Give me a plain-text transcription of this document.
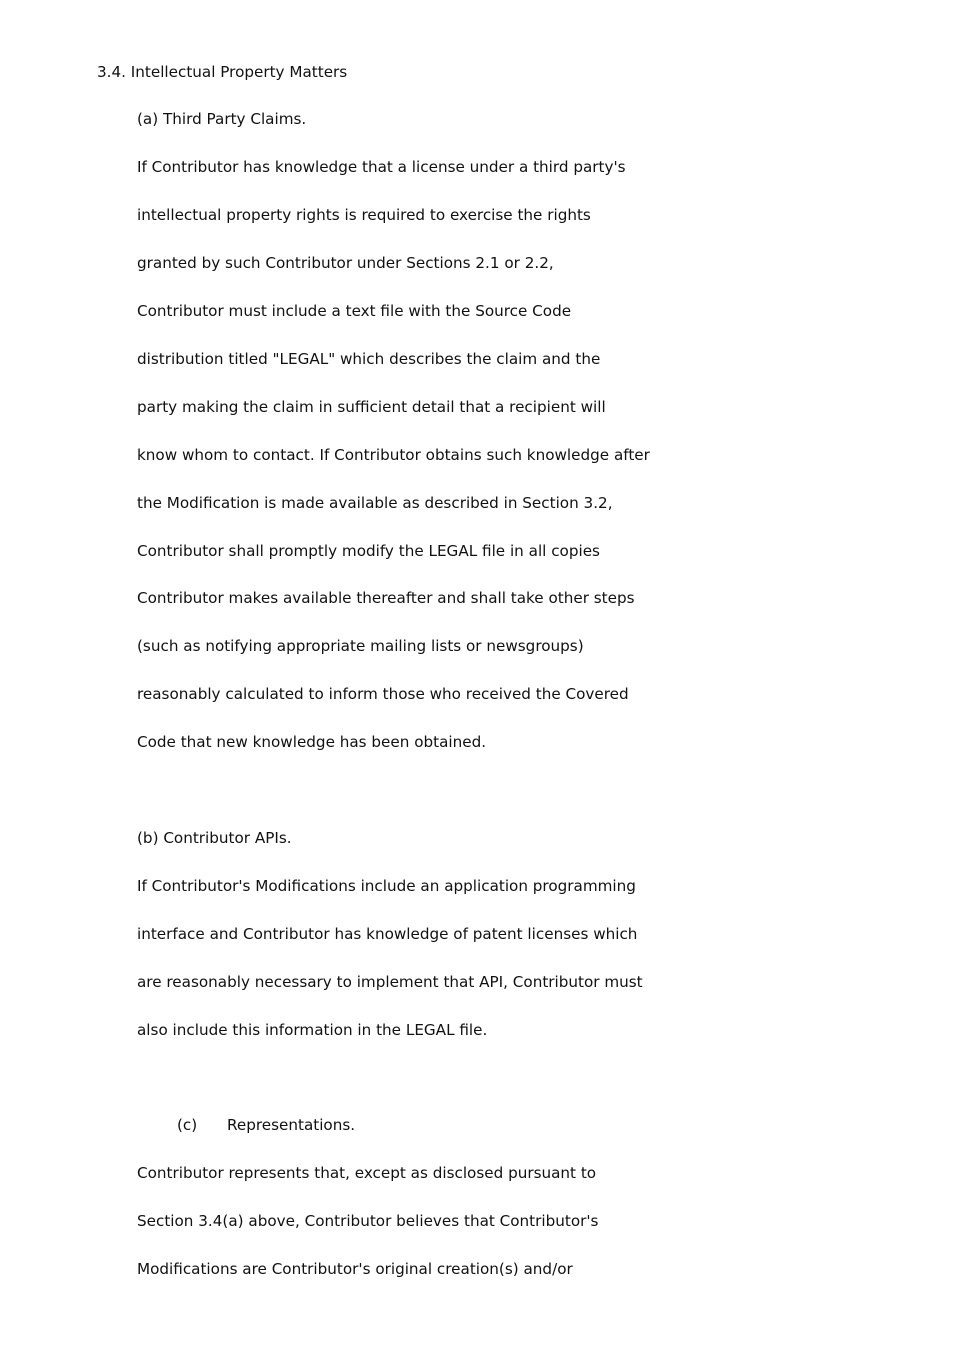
3.4. Intellectual Property Matters
(a) Third Party Claims.
If Contributor has knowledge that a license under a third party's
intellectual property rights is required to exercise the rights
granted by such Contributor under Sections 2.1 or 2.2,
Contributor must include a text file with the Source Code
distribution titled "LEGAL" which describes the claim and the
party making the claim in sufficient detail that a recipient will
know whom to contact. If Contributor obtains such knowledge after
the Modification is made available as described in Section 3.2,
Contributor shall promptly modify the LEGAL file in all copies
Contributor makes available thereafter and shall take other steps
(such as notifying appropriate mailing lists or newsgroups)
reasonably calculated to inform those who received the Covered
Code that new knowledge has been obtained.
(b) Contributor APIs.
If Contributor's Modifications include an application programming
interface and Contributor has knowledge of patent licenses which
are reasonably necessary to implement that API, Contributor must
also include this information in the LEGAL file.
(c) Representations.
Contributor represents that, except as disclosed pursuant to
Section 3.4(a) above, Contributor believes that Contributor's
Modifications are Contributor's original creation(s) and/or
